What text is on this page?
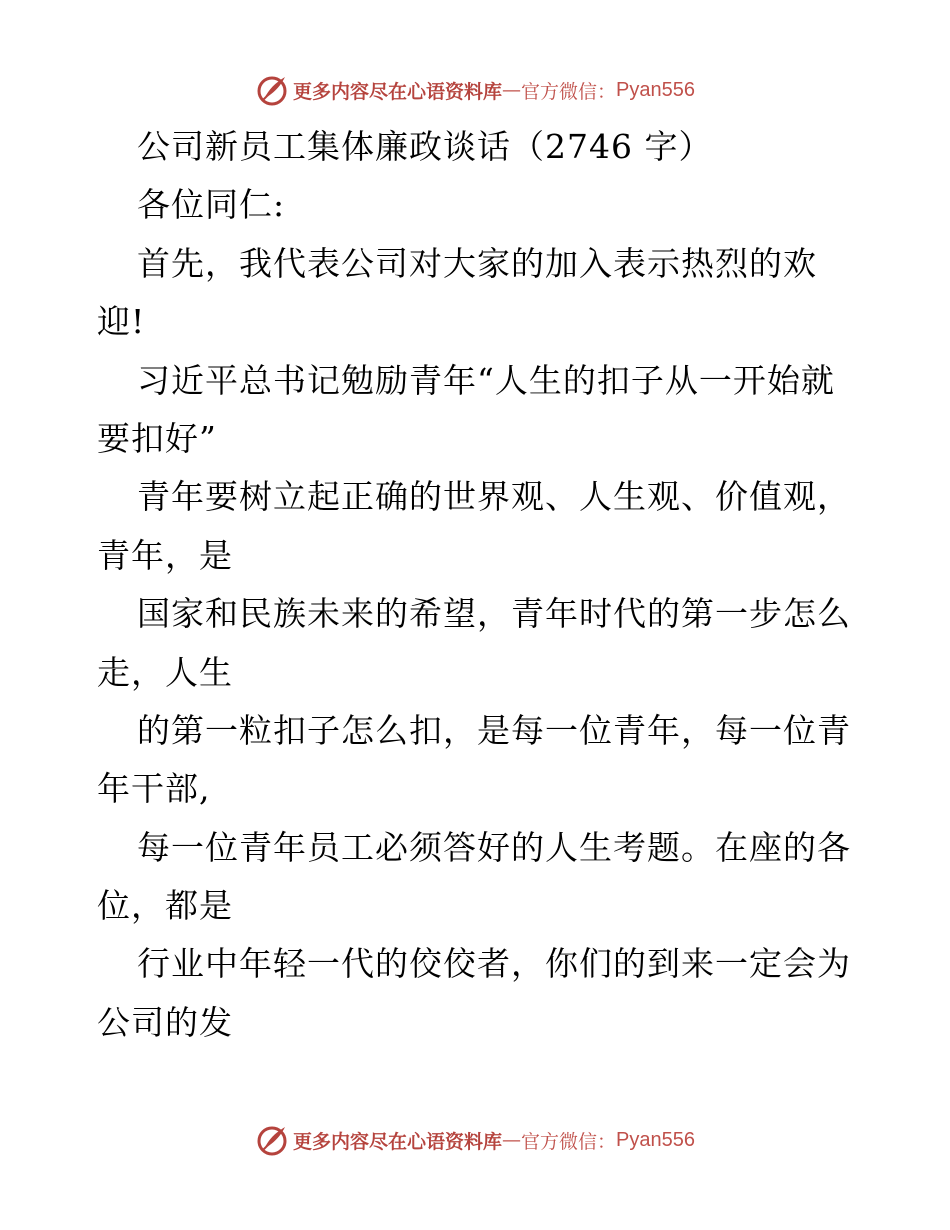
更多内容尽在心语资料库 — 官方微信： Pyan556
公司新员工集体廉政谈话（2746 字）
各位同仁:
首先，我代表公司对大家的加入表示热烈的欢
迎!
习近平总书记勉励青年“人生的扣子从一开始就
要扣好”
青年要树立起正确的世界观、人生观、价值观，
青年，是
国家和民族未来的希望，青年时代的第一步怎么
走，人生
的第一粒扣子怎么扣，是每一位青年，每一位青
年干部,
每一位青年员工必须答好的人生考题。在座的各
位，都是
行业中年轻一代的佼佼者，你们的到来一定会为
公司的发
更多内容尽在心语资料库 — 官方微信： Pyan556
